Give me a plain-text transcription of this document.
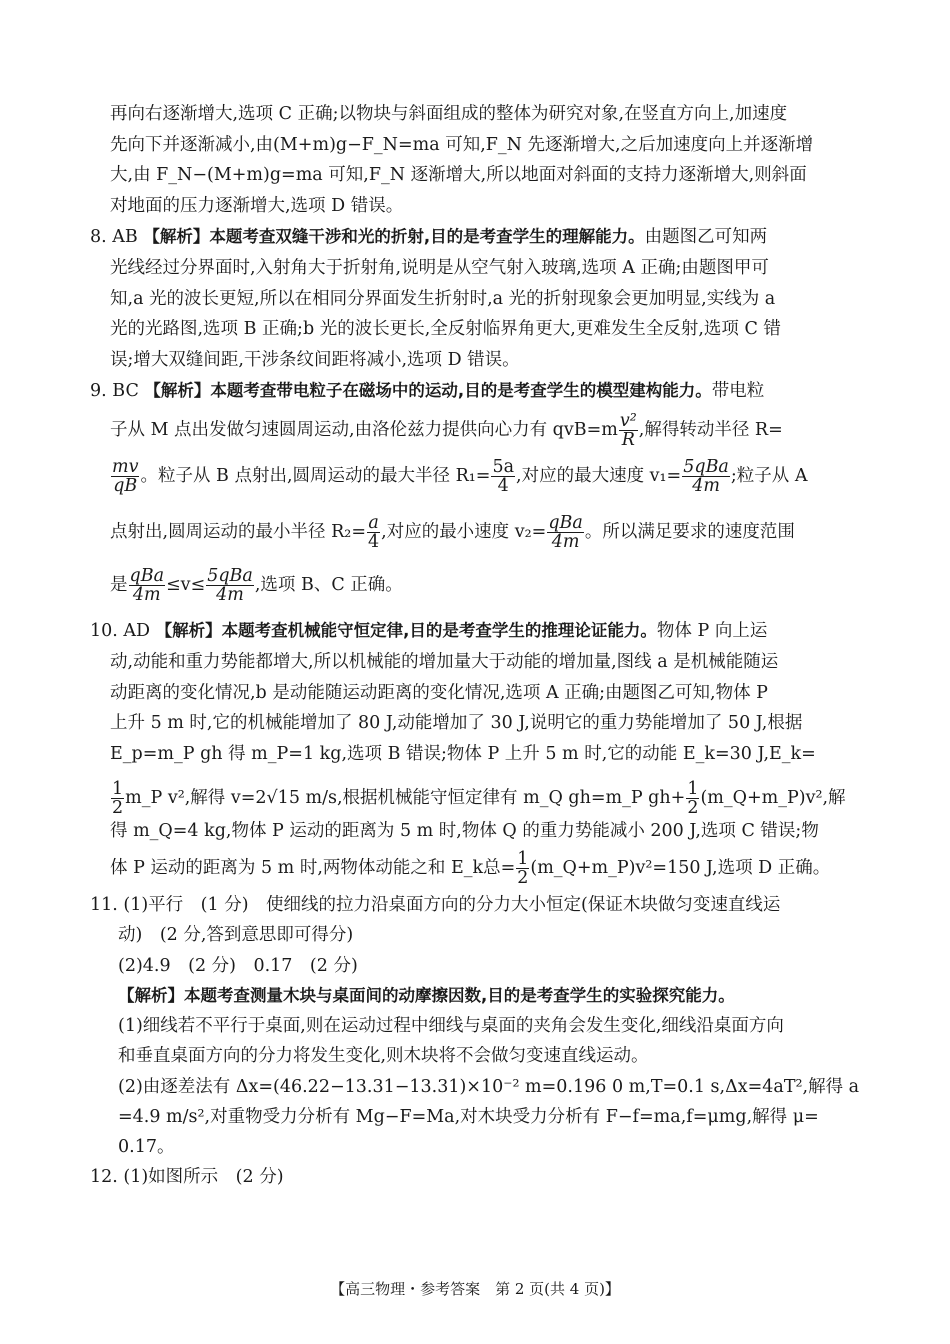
再向右逐渐增大,选项 C 正确;以物块与斜面组成的整体为研究对象,在竖直方向上,加速度
先向下并逐渐减小,由(M+m)g−F_N=ma 可知,F_N 先逐渐增大,之后加速度向上并逐渐增
大,由 F_N−(M+m)g=ma 可知,F_N 逐渐增大,所以地面对斜面的支持力逐渐增大,则斜面
对地面的压力逐渐增大,选项 D 错误。
8. AB 【解析】本题考查双缝干涉和光的折射,目的是考查学生的理解能力。由题图乙可知两
光线经过分界面时,入射角大于折射角,说明是从空气射入玻璃,选项 A 正确;由题图甲可
知,a 光的波长更短,所以在相同分界面发生折射时,a 光的折射现象会更加明显,实线为 a
光的光路图,选项 B 正确;b 光的波长更长,全反射临界角更大,更难发生全反射,选项 C 错
误;增大双缝间距,干涉条纹间距将减小,选项 D 错误。
9. BC 【解析】本题考查带电粒子在磁场中的运动,目的是考查学生的模型建构能力。带电粒
子从 M 点出发做匀速圆周运动,由洛伦兹力提供向心力有 $qvB=m \frac{\text{v²}}{R}$ ,解得转动半径 R=
$\frac{mv}{qB}$ 。粒子从 B 点射出,圆周运动的最大半径 $R_1= \frac{5a}{4}$ ,对应的最大速度 $v_1= \frac{\text{5qBa}}{4m}$ ;粒子从 A
点射出,圆周运动的最小半径 $R_2= \frac{a}{4}$ ,对应的最小速度 $v_2= \frac{\text{qBa}}{4m}$ 。所以满足要求的速度范围
是 $\frac{\text{qBa}}{4m} \le v\le \frac{\text{5qBa}}{4m}$ ,选项 B、C 正确。
10. AD 【解析】本题考查机械能守恒定律,目的是考查学生的推理论证能力。物体 P 向上运
动,动能和重力势能都增大,所以机械能的增加量大于动能的增加量,图线 a 是机械能随运
动距离的变化情况,b 是动能随运动距离的变化情况,选项 A 正确;由题图乙可知,物体 P
上升 5 m 时,它的机械能增加了 80 J,动能增加了 30 J,说明它的重力势能增加了 50 J,根据
E_p=m_P gh 得 m_P=1 kg,选项 B 错误;物体 P 上升 5 m 时,它的动能 E_k=30 J,E_k=
$\frac{1}{2}$ m_P v²,解得 v=2√15 m/s,根据机械能守恒定律有 m_Q gh=m_P $gh+ \frac{1}{2}$ (m_Q+m_P)v²,解
得 m_Q=4 kg,物体 P 运动的距离为 5 m 时,物体 Q 的重力势能减小 200 J,选项 C 错误;物
体 P 运动的距离为 5 m 时,两物体动能之和 E_k总= $\frac{1}{2}$ (m_Q+m_P)v²=150 J,选项 D 正确。
11. (1)平行　(1 分)　使细线的拉力沿桌面方向的分力大小恒定(保证木块做匀变速直线运
动)　(2 分,答到意思即可得分)
(2)4.9　(2 分)　0.17　(2 分)
【解析】本题考查测量木块与桌面间的动摩擦因数,目的是考查学生的实验探究能力。
(1)细线若不平行于桌面,则在运动过程中细线与桌面的夹角会发生变化,细线沿桌面方向
和垂直桌面方向的分力将发生变化,则木块将不会做匀变速直线运动。
(2)由逐差法有 Δx=(46.22−13.31−13.31)×10⁻² m=0.196 0 m,T=0.1 s,Δx=4aT²,解得 a
=4.9 m/s²,对重物受力分析有 Mg−F=Ma,对木块受力分析有 F−f=ma,f=μmg,解得 μ=
0.17。
12. (1)如图所示　(2 分)
【高三物理・参考答案　第 2 页(共 4 页)】
